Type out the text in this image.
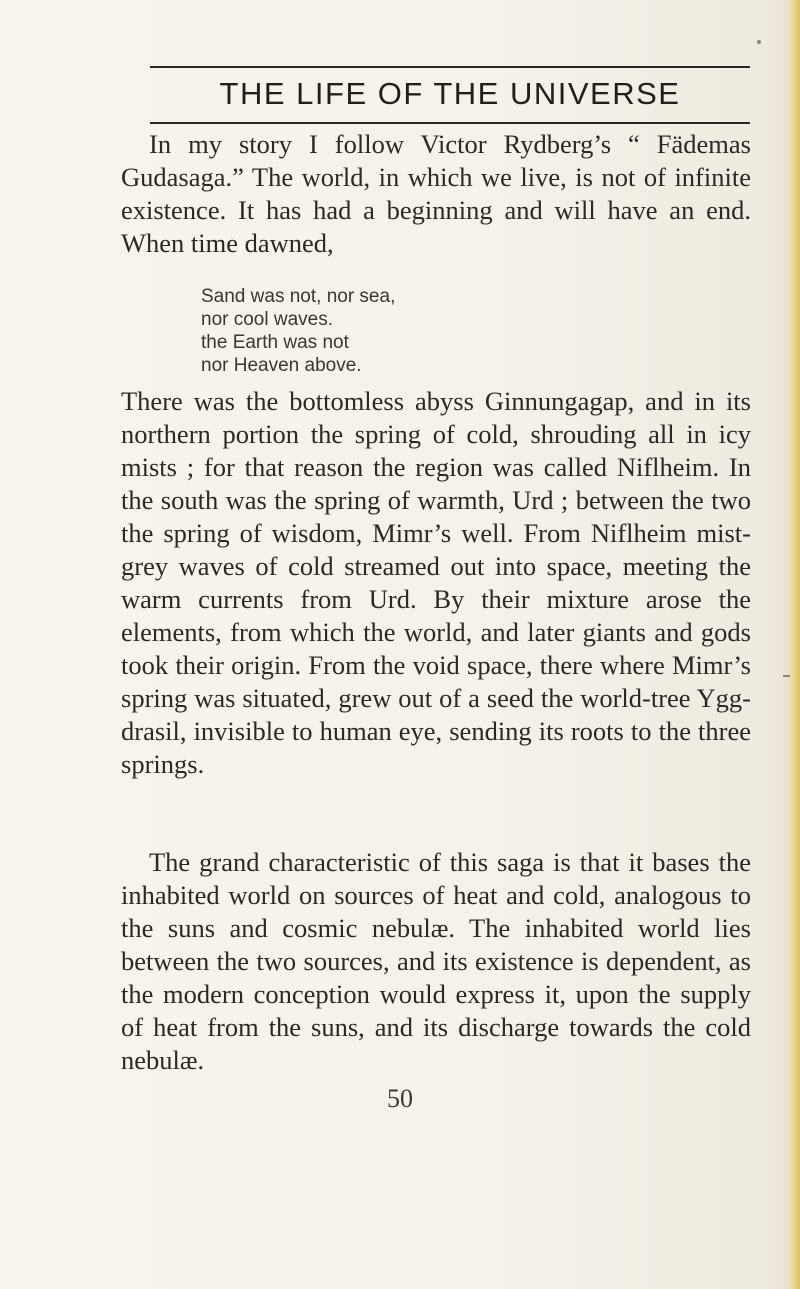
THE LIFE OF THE UNIVERSE

In my story I follow Victor Rydberg’s “ Fädemas Gudasaga.” The world, in which we live, is not of infinite existence. It has had a beginning and will have an end. When time dawned,

Sand was not, nor sea,
nor cool waves.
the Earth was not
nor Heaven above.

There was the bottomless abyss Ginnungagap, and in its northern portion the spring of cold, shrouding all in icy mists ; for that reason the region was called Niflheim. In the south was the spring of warmth, Urd ; between the two the spring of wisdom, Mimr’s well. From Niflheim mist-grey waves of cold streamed out into space, meeting the warm currents from Urd. By their mixture arose the elements, from which the world, and later giants and gods took their origin. From the void space, there where Mimr’s spring was situated, grew out of a seed the world-tree Ygg-drasil, invisible to human eye, sending its roots to the three springs.

The grand characteristic of this saga is that it bases the inhabited world on sources of heat and cold, analogous to the suns and cosmic nebulæ. The inhabited world lies between the two sources, and its existence is dependent, as the modern conception would express it, upon the supply of heat from the suns, and its discharge towards the cold nebulæ.

50
